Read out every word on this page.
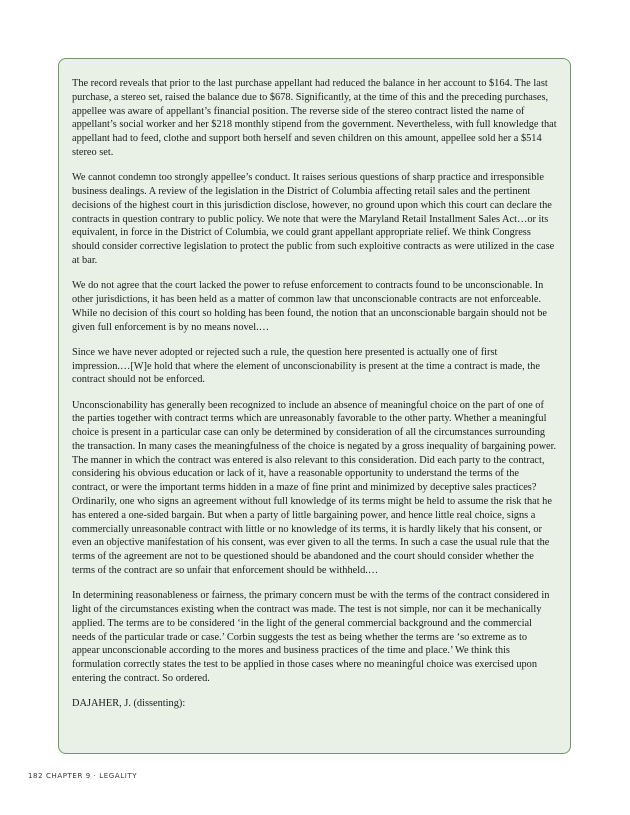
The record reveals that prior to the last purchase appellant had reduced the balance in her account to $164. The last purchase, a stereo set, raised the balance due to $678. Significantly, at the time of this and the preceding purchases, appellee was aware of appellant’s financial position. The reverse side of the stereo contract listed the name of appellant’s social worker and her $218 monthly stipend from the government. Nevertheless, with full knowledge that appellant had to feed, clothe and support both herself and seven children on this amount, appellee sold her a $514 stereo set.

We cannot condemn too strongly appellee’s conduct. It raises serious questions of sharp practice and irresponsible business dealings. A review of the legislation in the District of Columbia affecting retail sales and the pertinent decisions of the highest court in this jurisdiction disclose, however, no ground upon which this court can declare the contracts in question contrary to public policy. We note that were the Maryland Retail Installment Sales Act…or its equivalent, in force in the District of Columbia, we could grant appellant appropriate relief. We think Congress should consider corrective legislation to protect the public from such exploitive contracts as were utilized in the case at bar.

We do not agree that the court lacked the power to refuse enforcement to contracts found to be unconscionable. In other jurisdictions, it has been held as a matter of common law that unconscionable contracts are not enforceable. While no decision of this court so holding has been found, the notion that an unconscionable bargain should not be given full enforcement is by no means novel.…

Since we have never adopted or rejected such a rule, the question here presented is actually one of first impression.…[W]e hold that where the element of unconscionability is present at the time a contract is made, the contract should not be enforced.

Unconscionability has generally been recognized to include an absence of meaningful choice on the part of one of the parties together with contract terms which are unreasonably favorable to the other party. Whether a meaningful choice is present in a particular case can only be determined by consideration of all the circumstances surrounding the transaction. In many cases the meaningfulness of the choice is negated by a gross inequality of bargaining power. The manner in which the contract was entered is also relevant to this consideration. Did each party to the contract, considering his obvious education or lack of it, have a reasonable opportunity to understand the terms of the contract, or were the important terms hidden in a maze of fine print and minimized by deceptive sales practices? Ordinarily, one who signs an agreement without full knowledge of its terms might be held to assume the risk that he has entered a one-sided bargain. But when a party of little bargaining power, and hence little real choice, signs a commercially unreasonable contract with little or no knowledge of its terms, it is hardly likely that his consent, or even an objective manifestation of his consent, was ever given to all the terms. In such a case the usual rule that the terms of the agreement are not to be questioned should be abandoned and the court should consider whether the terms of the contract are so unfair that enforcement should be withheld.…

In determining reasonableness or fairness, the primary concern must be with the terms of the contract considered in light of the circumstances existing when the contract was made. The test is not simple, nor can it be mechanically applied. The terms are to be considered ‘in the light of the general commercial background and the commercial needs of the particular trade or case.’ Corbin suggests the test as being whether the terms are ‘so extreme as to appear unconscionable according to the mores and business practices of the time and place.’ We think this formulation correctly states the test to be applied in those cases where no meaningful choice was exercised upon entering the contract. So ordered.

DAJAHER, J. (dissenting):

182 CHAPTER 9 · LEGALITY
